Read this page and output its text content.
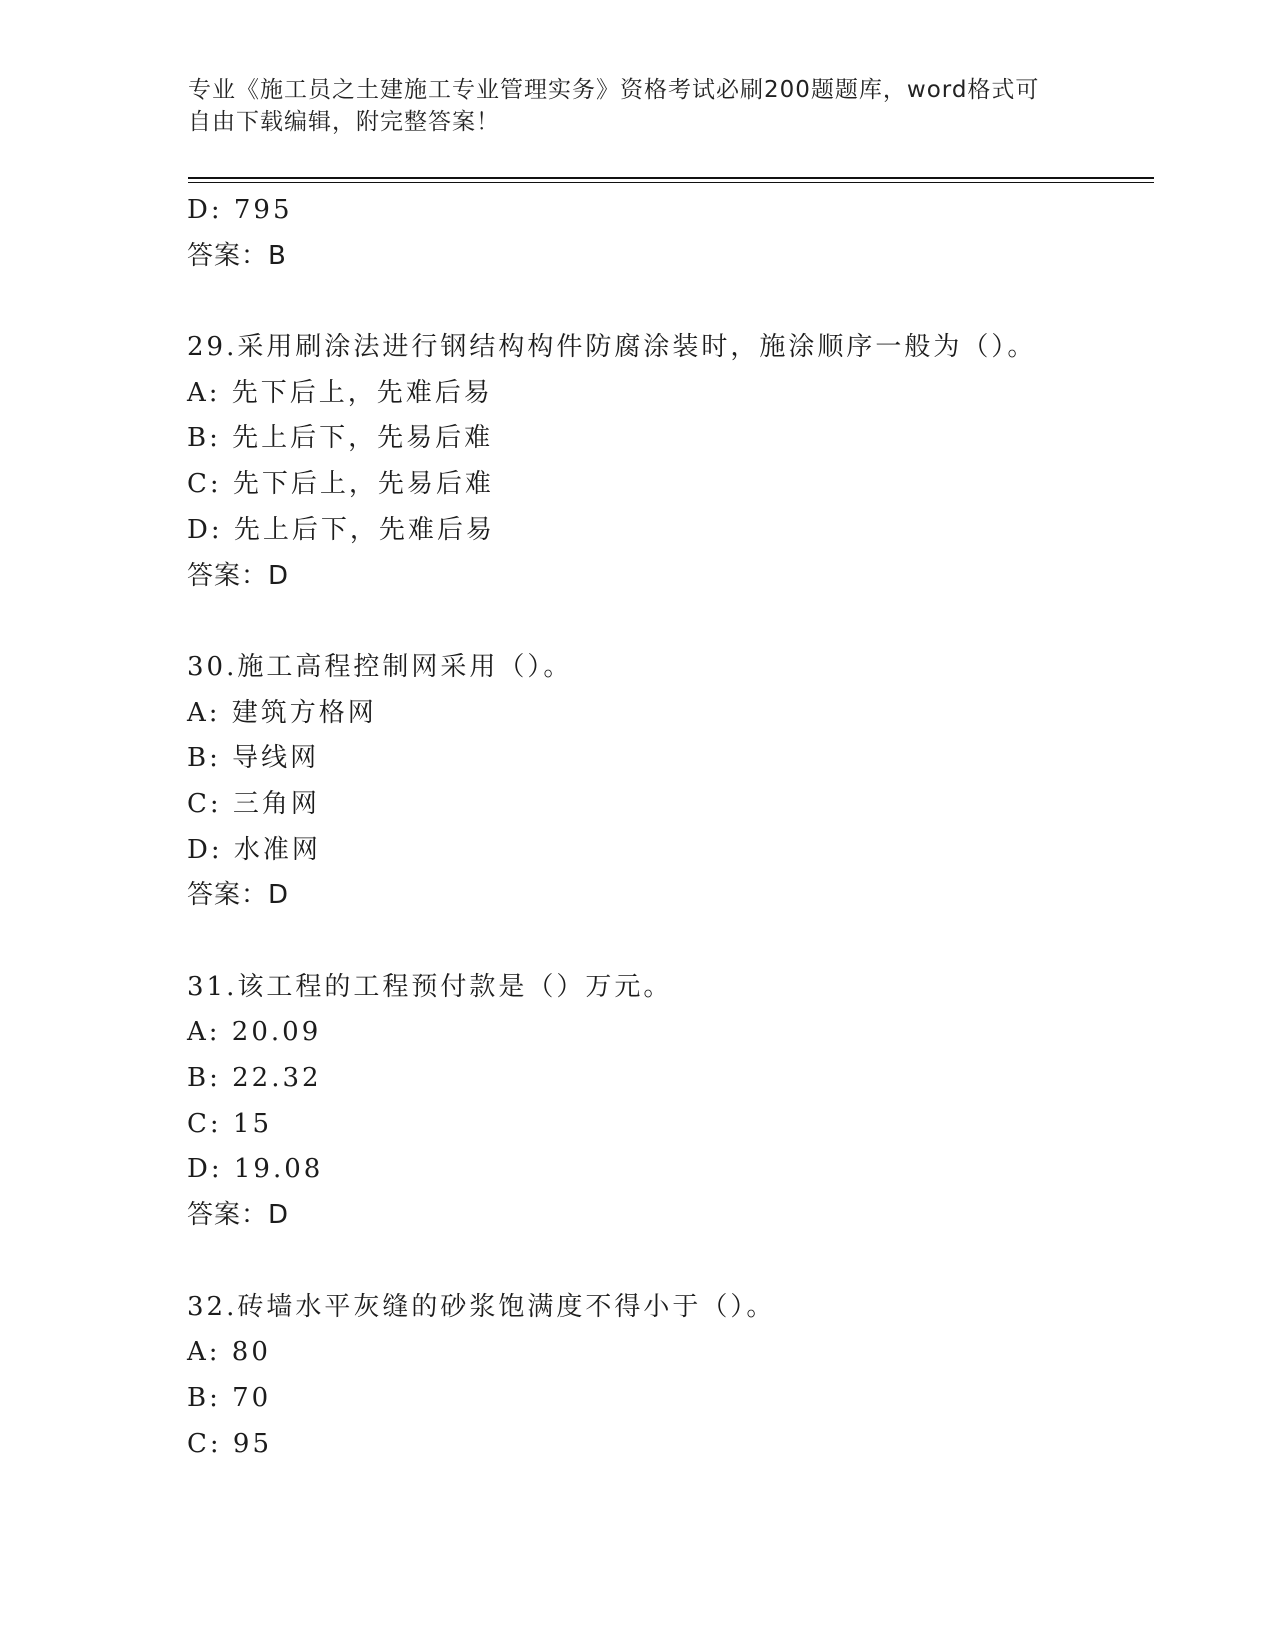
专业《施工员之土建施工专业管理实务》资格考试必刷200题题库，word格式可
自由下载编辑，附完整答案！
D: 795
答案：B
29.采用刷涂法进行钢结构构件防腐涂装时，施涂顺序一般为（）。
A: 先下后上，先难后易
B: 先上后下，先易后难
C: 先下后上，先易后难
D: 先上后下，先难后易
答案：D
30.施工高程控制网采用（）。
A: 建筑方格网
B: 导线网
C: 三角网
D: 水准网
答案：D
31.该工程的工程预付款是（）万元。
A: 20.09
B: 22.32
C: 15
D: 19.08
答案：D
32.砖墙水平灰缝的砂浆饱满度不得小于（）。
A: 80
B: 70
C: 95
